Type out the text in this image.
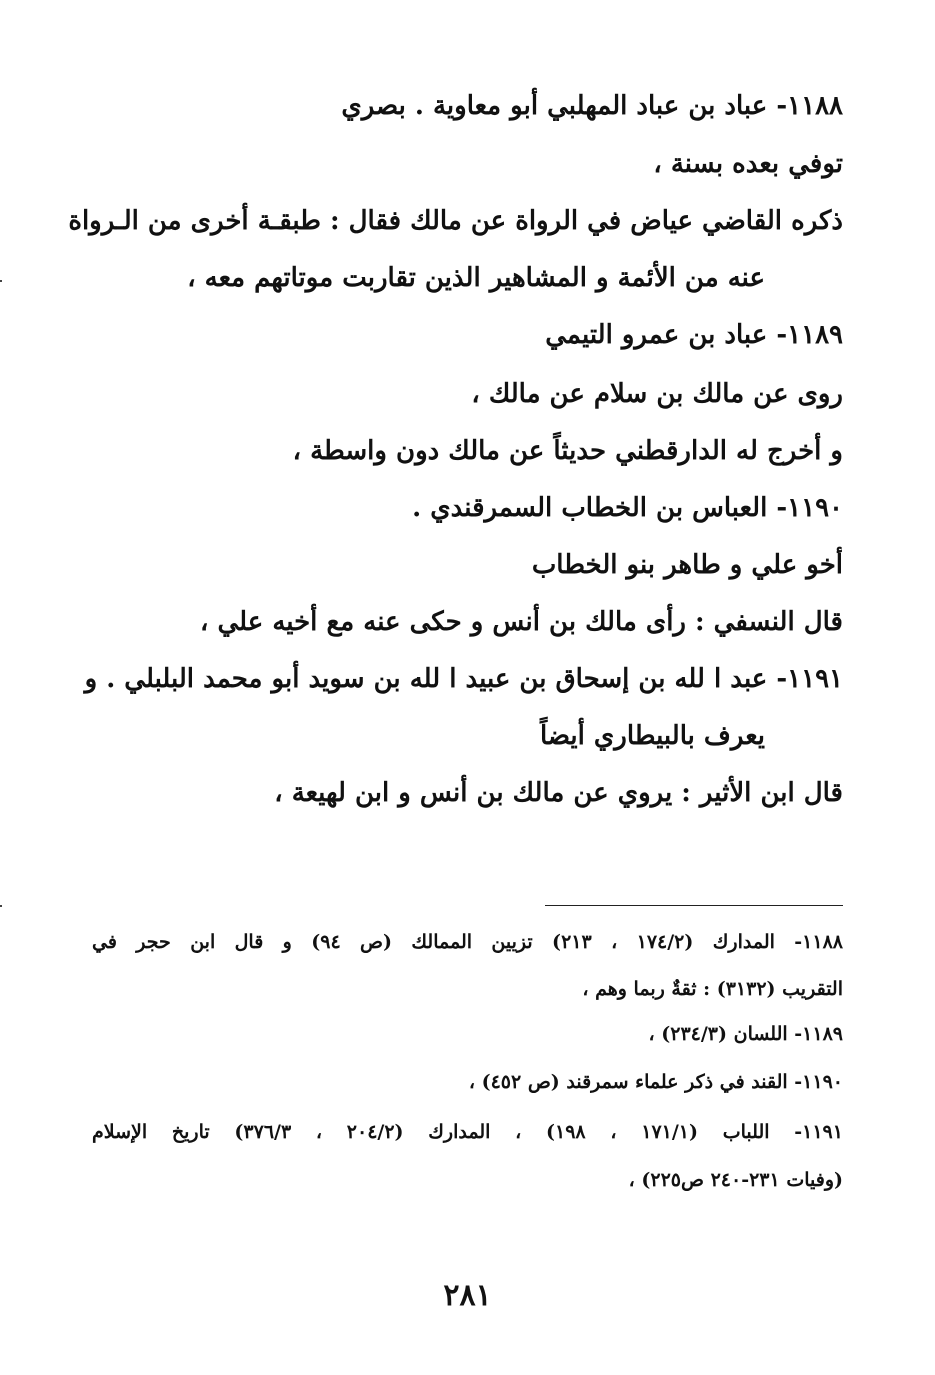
١١٨٨- عباد بن عباد المهلبي أبو معاوية . بصري
توفي بعده بسنة ،
ذكره القاضي عياض في الرواة عن مالك فقال : طبقـة أخرى من الـرواة
عنه من الأئمة و المشاهير الذين تقاربت موتاتهم معه ،
١١٨٩- عباد بن عمرو التيمي
روى عن مالك بن سلام عن مالك ،
و أخرج له الدارقطني حديثاً عن مالك دون واسطة ،
١١٩٠- العباس بن الخطاب السمرقندي .
أخو علي و طاهر بنو الخطاب
قال النسفي : رأى مالك بن أنس و حكى عنه مع أخيه علي ،
١١٩١- عبد ا لله بن إسحاق بن عبيد ا لله بن سويد أبو محمد البلبلي . و
يعرف بالبيطاري أيضاً
قال ابن الأثير : يروي عن مالك بن أنس و ابن لهيعة ،
١١٨٨- المدارك (١٧٤/٢ ، ٢١٣) تزيين الممالك (ص ٩٤) و قال ابن حجر في
التقريب (٣١٣٢) : ثقةٌ ربما وهم ،
١١٨٩- اللسان (٢٣٤/٣) ،
١١٩٠- القند في ذكر علماء سمرقند (ص ٤٥٢) ،
١١٩١- اللباب (١٧١/١ ، ١٩٨) ، المدارك (٢٠٤/٢ ، ٣٧٦/٣) تاريخ الإسلام
(وفيات ٢٣١-٢٤٠ ص٢٢٥) ،
٢٨١
